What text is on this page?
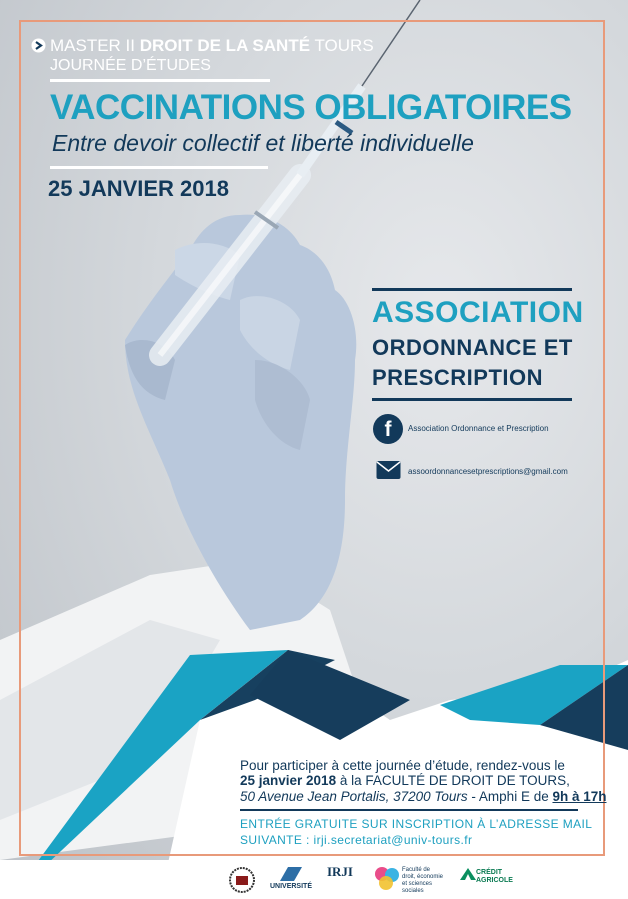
MASTER II DROIT DE LA SANTÉ TOURS
JOURNÉE D’ÉTUDES
VACCINATIONS OBLIGATOIRES
Entre devoir collectif et liberté individuelle
25 JANVIER 2018
ASSOCIATION
ORDONNANCE ET
PRESCRIPTION
f	Association Ordonnance et Prescription
assoordonnancesetprescriptions@gmail.com
Pour participer à cette journée d’étude, rendez-vous le
25 janvier 2018 à la FACULTÉ DE DROIT DE TOURS,
50 Avenue Jean Portalis, 37200 Tours - Amphi E de 9h à 17h
ENTRÉE GRATUITE SUR INSCRIPTION À L’ADRESSE MAIL
SUIVANTE : irji.secretariat@univ-tours.fr
UNIVERSITÉ
IRJI	Faculté de droit, économie et sciences sociales
CRÉDIT AGRICOLE
